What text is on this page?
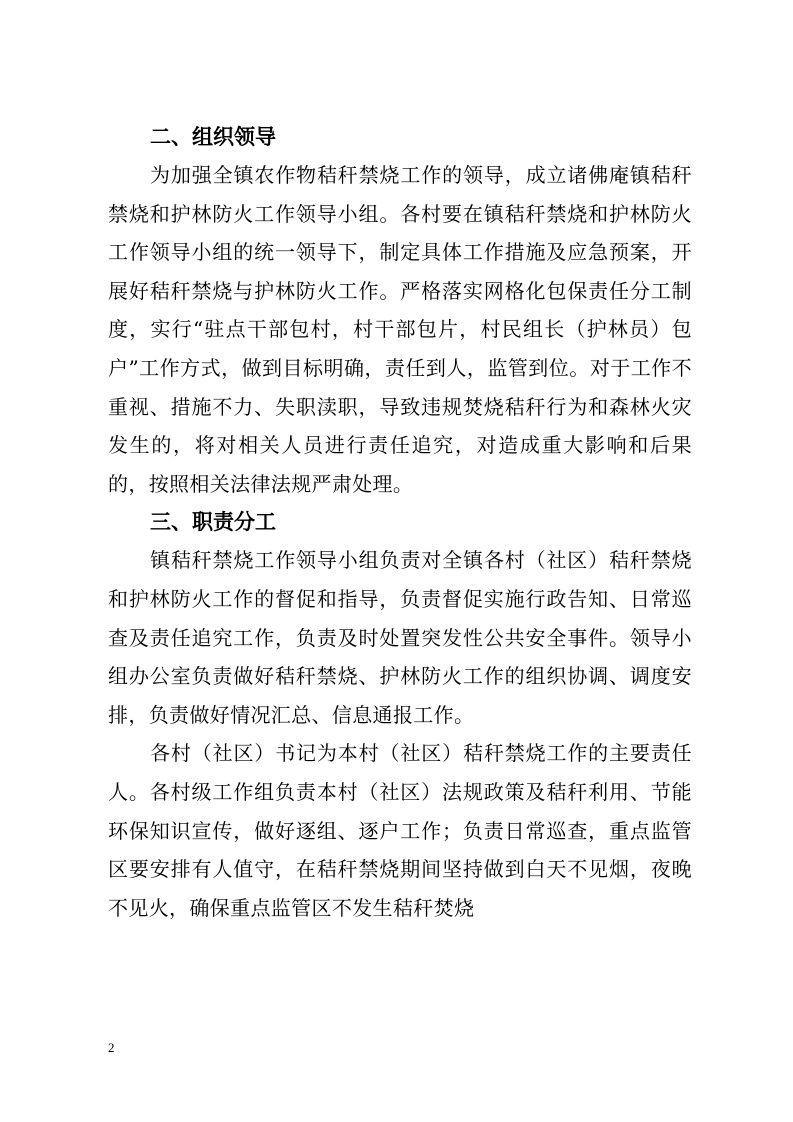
二、组织领导

为加强全镇农作物秸秆禁烧工作的领导，成立诸佛庵镇秸秆禁烧和护林防火工作领导小组。各村要在镇秸秆禁烧和护林防火工作领导小组的统一领导下，制定具体工作措施及应急预案，开展好秸秆禁烧与护林防火工作。严格落实网格化包保责任分工制度，实行“驻点干部包村，村干部包片，村民组长（护林员）包户”工作方式，做到目标明确，责任到人，监管到位。对于工作不重视、措施不力、失职渎职，导致违规焚烧秸秆行为和森林火灾发生的，将对相关人员进行责任追究，对造成重大影响和后果的，按照相关法律法规严肃处理。

三、职责分工

镇秸秆禁烧工作领导小组负责对全镇各村（社区）秸秆禁烧和护林防火工作的督促和指导，负责督促实施行政告知、日常巡查及责任追究工作，负责及时处置突发性公共安全事件。领导小组办公室负责做好秸秆禁烧、护林防火工作的组织协调、调度安排，负责做好情况汇总、信息通报工作。

各村（社区）书记为本村（社区）秸秆禁烧工作的主要责任人。各村级工作组负责本村（社区）法规政策及秸秆利用、节能环保知识宣传，做好逐组、逐户工作；负责日常巡查，重点监管区要安排有人值守，在秸秆禁烧期间坚持做到白天不见烟，夜晚不见火，确保重点监管区不发生秸秆焚烧

2
